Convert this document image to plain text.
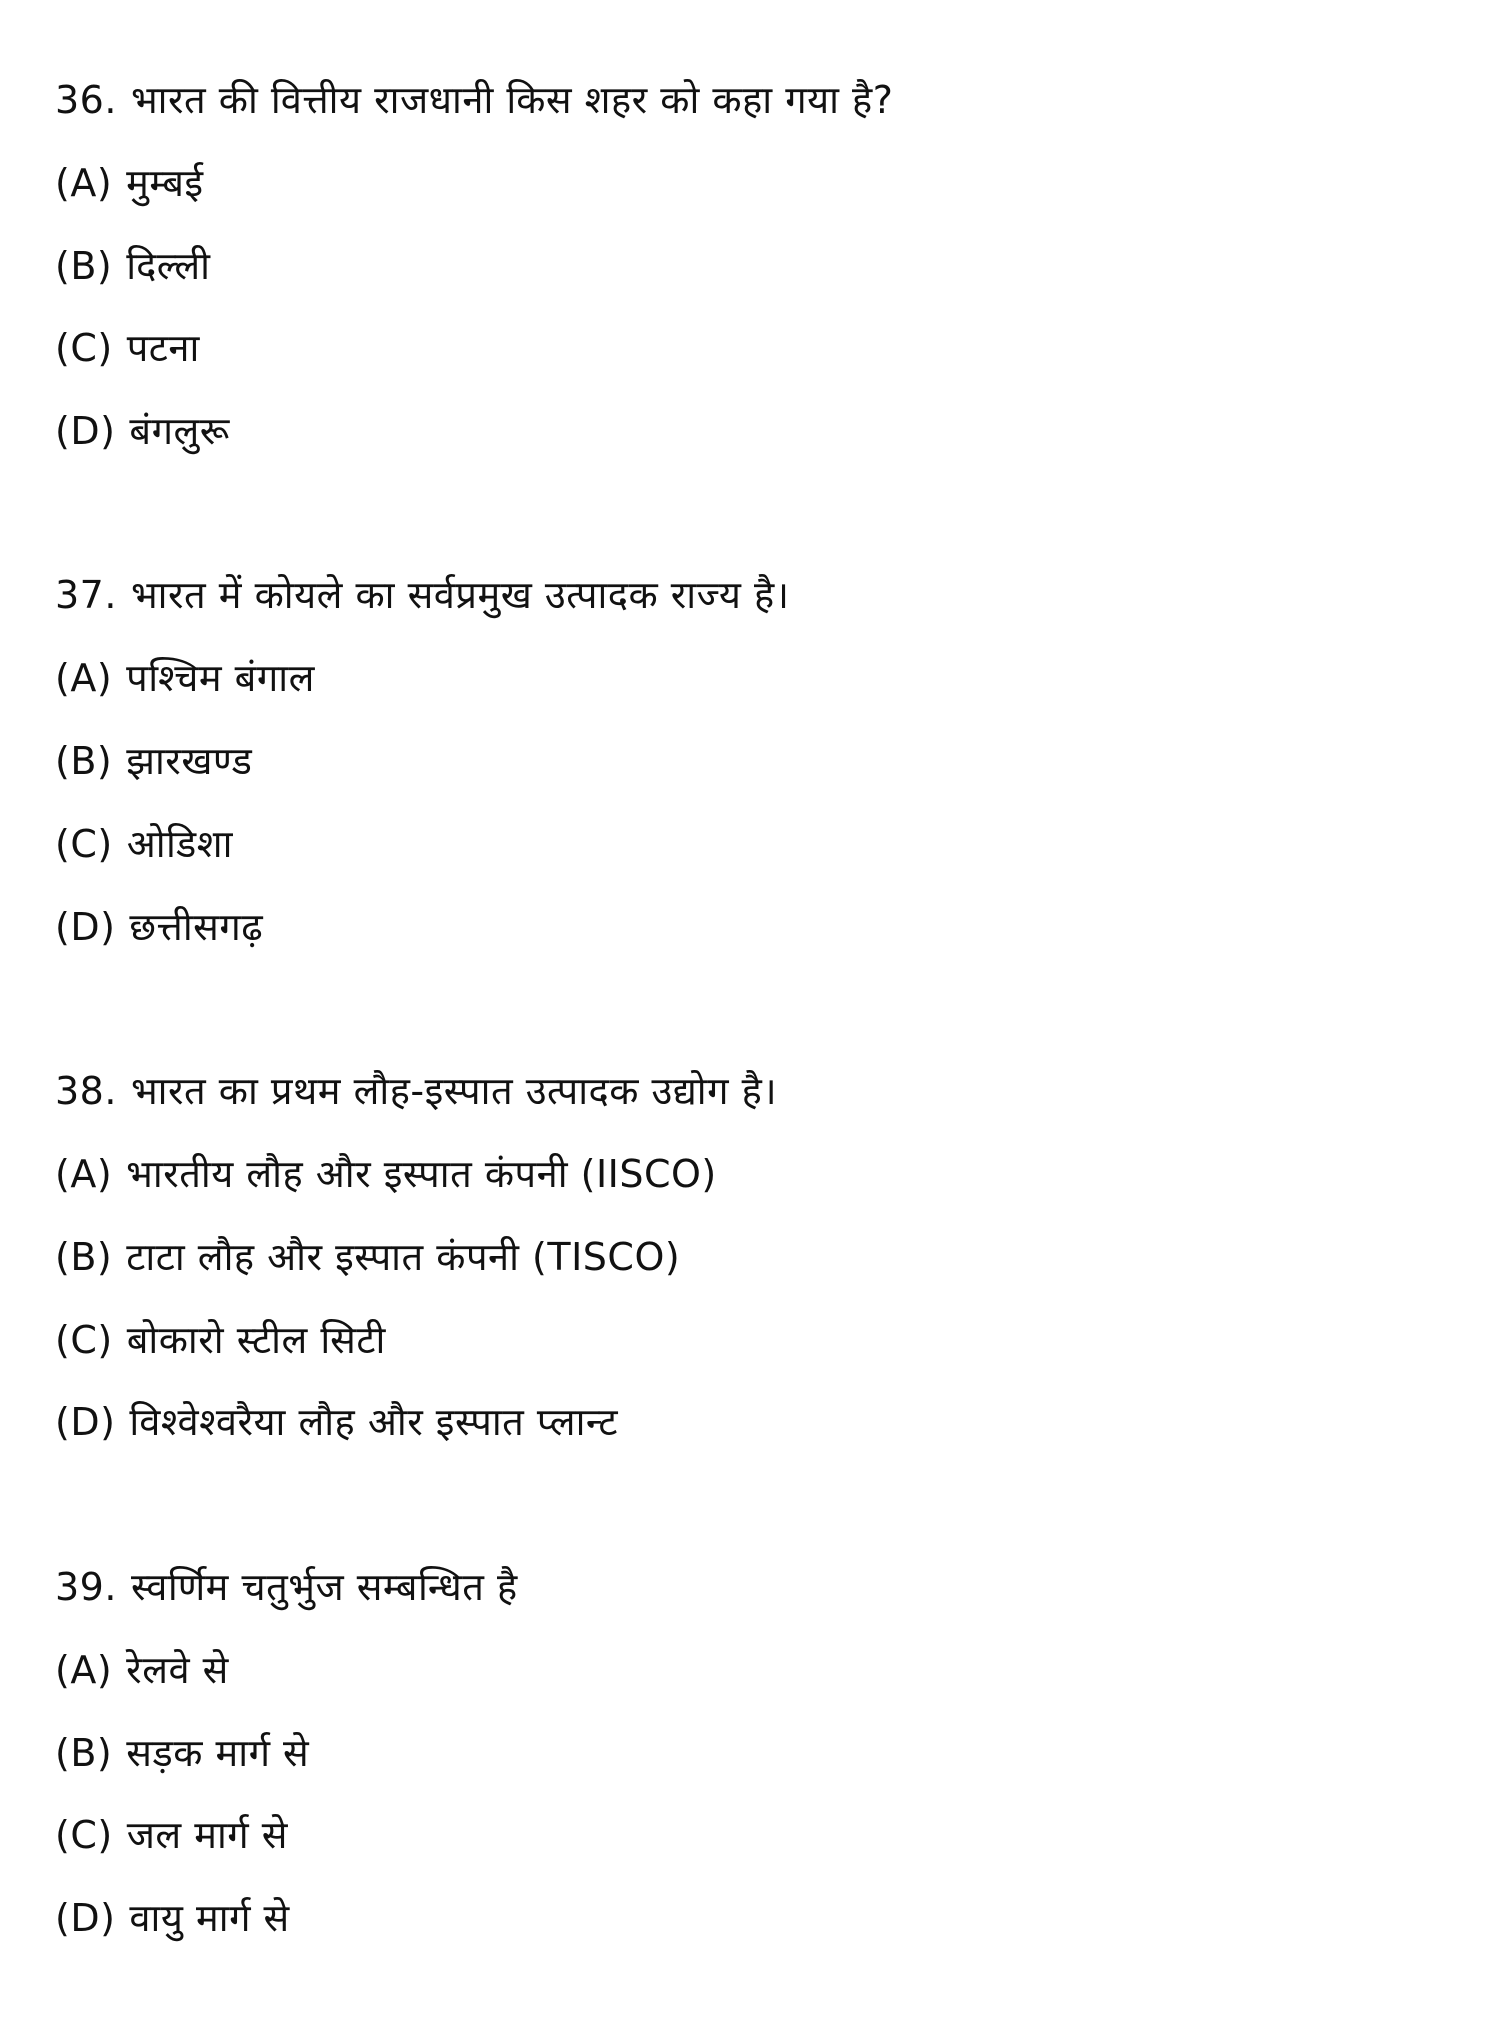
36. भारत की वित्तीय राजधानी किस शहर को कहा गया है?
(A) मुम्बई
(B) दिल्ली
(C) पटना
(D) बंगलुरू
37. भारत में कोयले का सर्वप्रमुख उत्पादक राज्य है।
(A) पश्चिम बंगाल
(B) झारखण्ड
(C) ओडिशा
(D) छत्तीसगढ़
38. भारत का प्रथम लौह-इस्पात उत्पादक उद्योग है।
(A) भारतीय लौह और इस्पात कंपनी (IISCO)
(B) टाटा लौह और इस्पात कंपनी (TISCO)
(C) बोकारो स्टील सिटी
(D) विश्वेश्वरैया लौह और इस्पात प्लान्ट
39. स्वर्णिम चतुर्भुज सम्बन्धित है
(A) रेलवे से
(B) सड़क मार्ग से
(C) जल मार्ग से
(D) वायु मार्ग से
